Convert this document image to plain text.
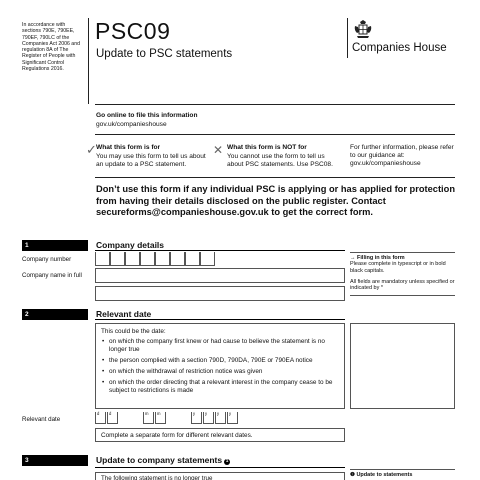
In accordance with sections 790E, 790EE, 790EF, 790LC of the Companies Act 2006 and regulation 8A of The Register of People with Significant Control Regulations 2016.
PSC09
Update to PSC statements	Companies House
Go online to file this information
gov.uk/companieshouse
✓ What this form is for
You may use this form to tell us about an update to a PSC statement.
✕ What this form is NOT for
You cannot use the form to tell us about PSC statements. Use PSC08.
For further information, please refer to our guidance at: gov.uk/companieshouse
Don’t use this form if any individual PSC is applying or has applied for protection from having their details disclosed on the public register. Contact secureforms@companieshouse.gov.uk to get the correct form.
1	Company details
Company number
Company name in full
→ Filling in this form
Please complete in typescript or in bold black capitals.
All fields are mandatory unless specified or indicated by *
2	Relevant date
This could be the date:
• on which the company first knew or had cause to believe the statement is no longer true
• the person complied with a section 790D, 790DA, 790E or 790EA notice
• on which the withdrawal of restriction notice was given
• on which the order directing that a relevant interest in the company cease to be subject to restrictions is made
Relevant date
d d	m m	y y y y
Complete a separate form for different relevant dates.
3	Update to company statements 1
The following statement is no longer true	❶ Update to statements
